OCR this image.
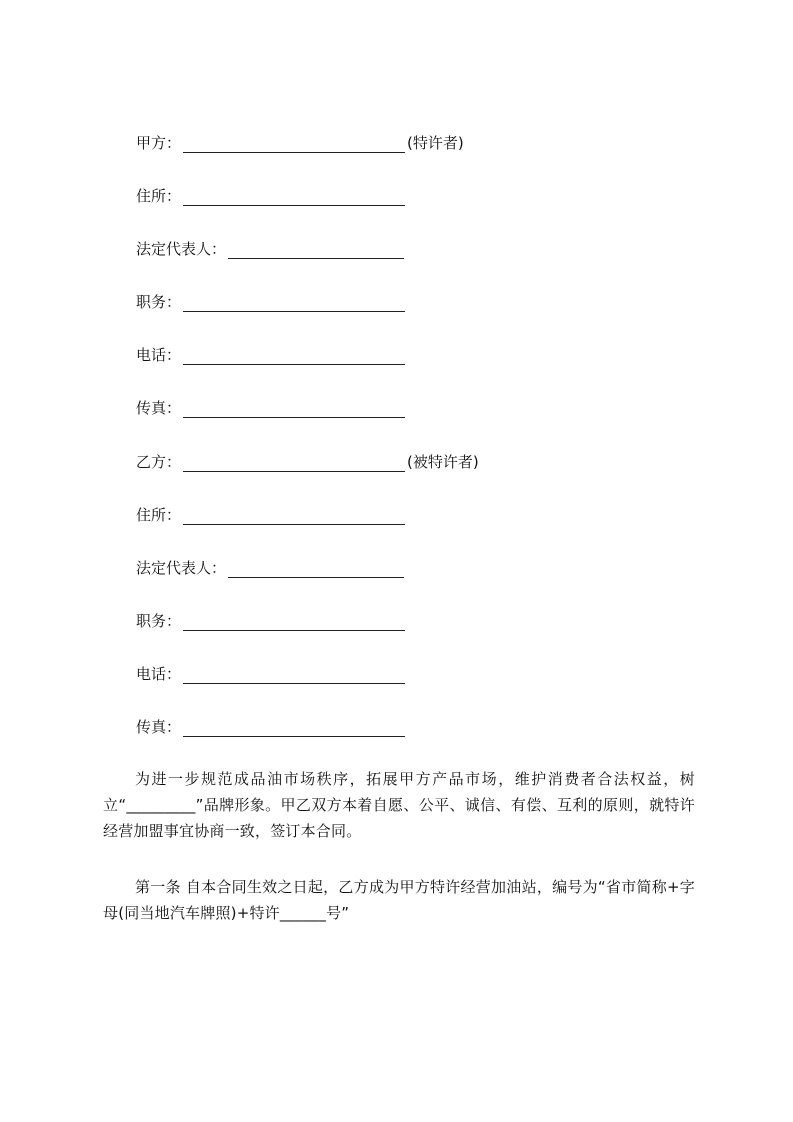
甲方：	(特许者)
住所：
法定代表人：
职务：
电话：
传真：
乙方：	(被特许者)
住所：
法定代表人：
职务：
电话：
传真：

为进一步规范成品油市场秩序，拓展甲方产品市场，维护消费者合法权益，树立“_________”品牌形象。甲乙双方本着自愿、公平、诚信、有偿、互利的原则，就特许经营加盟事宜协商一致，签订本合同。

第一条 自本合同生效之日起，乙方成为甲方特许经营加油站，编号为“省市简称+字母(同当地汽车牌照)+特许______号”
